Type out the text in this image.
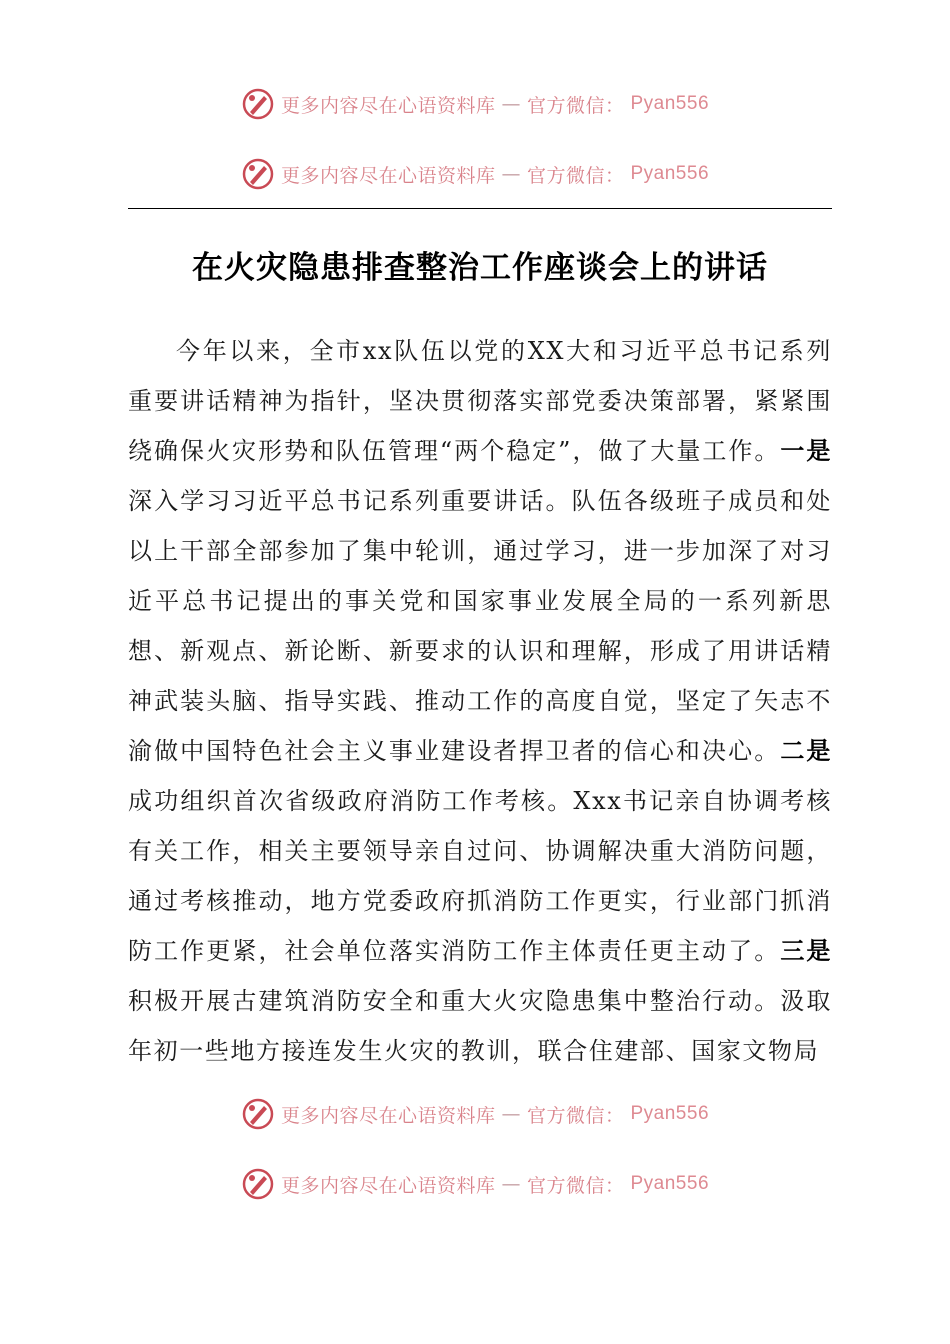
更多内容尽在心语资料库 — 官方微信： Pyan556
更多内容尽在心语资料库 — 官方微信： Pyan556
在火灾隐患排查整治工作座谈会上的讲话
今年以来，全市xx队伍以党的XX大和习近平总书记系列重要讲话精神为指针，坚决贯彻落实部党委决策部署，紧紧围绕确保火灾形势和队伍管理“两个稳定”，做了大量工作。一是深入学习习近平总书记系列重要讲话。队伍各级班子成员和处以上干部全部参加了集中轮训，通过学习，进一步加深了对习近平总书记提出的事关党和国家事业发展全局的一系列新思想、新观点、新论断、新要求的认识和理解，形成了用讲话精神武装头脑、指导实践、推动工作的高度自觉，坚定了矢志不渝做中国特色社会主义事业建设者捍卫者的信心和决心。二是成功组织首次省级政府消防工作考核。Xxx书记亲自协调考核有关工作，相关主要领导亲自过问、协调解决重大消防问题，通过考核推动，地方党委政府抓消防工作更实，行业部门抓消防工作更紧，社会单位落实消防工作主体责任更主动了。三是积极开展古建筑消防安全和重大火灾隐患集中整治行动。汲取年初一些地方接连发生火灾的教训，联合住建部、国家文物局
更多内容尽在心语资料库 — 官方微信： Pyan556
更多内容尽在心语资料库 — 官方微信： Pyan556
